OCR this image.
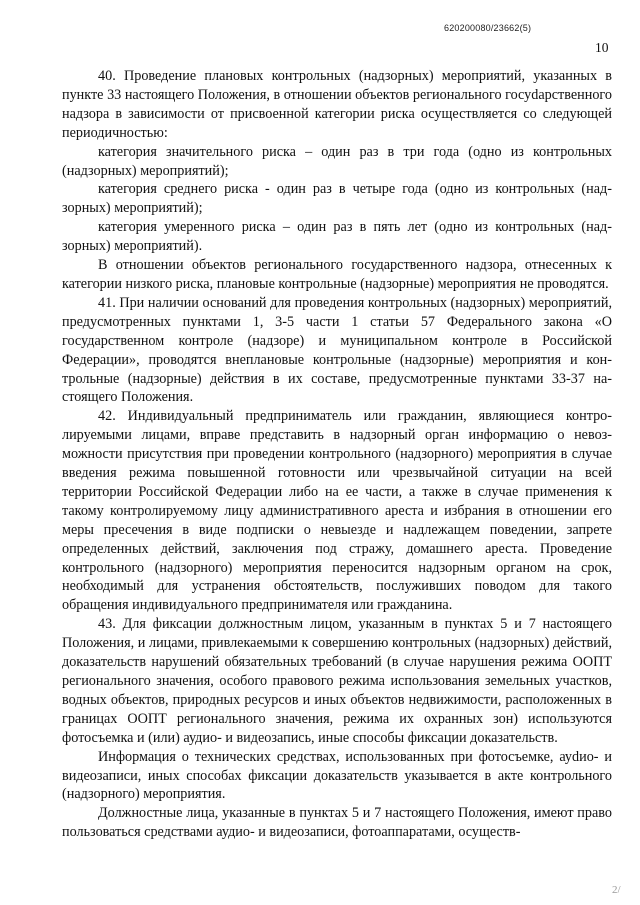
620200080/23662(5)
10

40. Проведение плановых контрольных (надзорных) мероприятий, указанных в пункте 33 настоящего Положения, в отношении объектов регионального госуdарственного надзора в зависимости от присвоенной категории риска осуществляется со следующей периодичностью:

категория значительного риска – один раз в три года (одно из контрольных (надзорных) мероприятий);

категория среднего риска - один раз в четыре года (одно из контрольных (надзорных) мероприятий);

категория умеренного риска – один раз в пять лет (одно из контрольных (надзорных) мероприятий).

В отношении объектов регионального государственного надзора, отнесенных к категории низкого риска, плановые контрольные (надзорные) мероприятия не проводятся.

41. При наличии оснований для проведения контрольных (надзорных) мероприятий, предусмотренных пунктами 1, 3-5 части 1 статьи 57 Федерального закона «О государственном контроле (надзоре) и муниципальном контроле в Российской Федерации», проводятся внеплановые контрольные (надзорные) мероприятия и контрольные (надзорные) действия в их составе, предусмотренные пунктами 33-37 настоящего Положения.

42. Индивидуальный предприниматель или гражданин, являющиеся контролируемыми лицами, вправе представить в надзорный орган информацию о невозможности присутствия при проведении контрольного (надзорного) мероприятия в случае введения режима повышенной готовности или чрезвычайной ситуации на всей территории Российской Федерации либо на ее части, а также в случае применения к такому контролируемому лицу административного ареста и избрания в отношении его меры пресечения в виде подписки о невыезде и надлежащем поведении, запрете определенных действий, заключения под стражу, домашнего ареста. Проведение контрольного (надзорного) мероприятия переносится надзорным органом на срок, необходимый для устранения обстоятельств, послуживших поводом для такого обращения индивидуального предпринимателя или гражданина.

43. Для фиксации должностным лицом, указанным в пунктах 5 и 7 настоящего Положения, и лицами, привлекаемыми к совершению контрольных (надзорных) действий, доказательств нарушений обязательных требований (в случае нарушения режима ООПТ регионального значения, особого правового режима использования земельных участков, водных объектов, природных ресурсов и иных объектов недвижимости, расположенных в границах ООПТ регионального значения, режима их охранных зон) используются фотосъемка и (или) аудио- и видеозапись, иные способы фиксации доказательств.

Информация о технических средствах, использованных при фотосъемке, ауdио- и видеозаписи, иных способах фиксации доказательств указывается в акте контрольного (надзорного) мероприятия.

Должностные лица, указанные в пунктах 5 и 7 настоящего Положения, имеют право пользоваться средствами аудио- и видеозаписи, фотоаппаратами, осуществ-

2/
